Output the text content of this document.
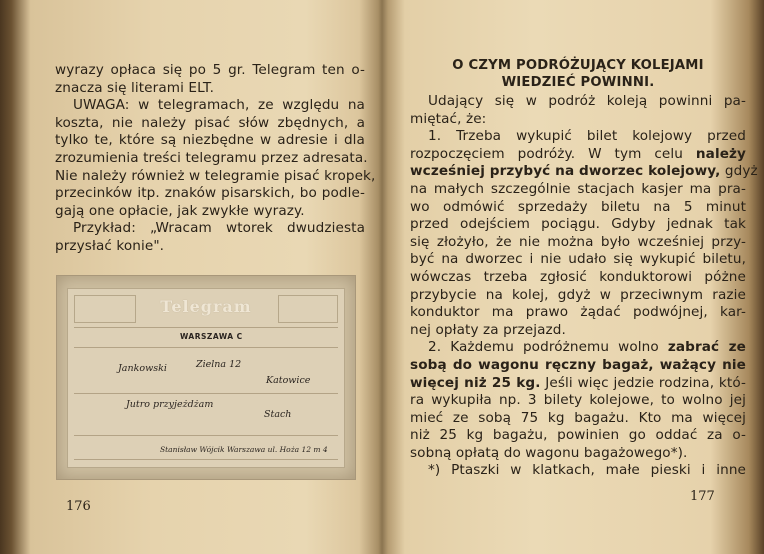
wyrazy opłaca się po 5 gr. Telegram ten o-
znacza się literami ELT.
UWAGA: w telegramach, ze względu na
koszta, nie należy pisać słów zbędnych, a
tylko te, które są niezbędne w adresie i dla
zrozumienia treści telegramu przez adresata.
Nie należy również w telegramie pisać kropek,
przecinków itp. znaków pisarskich, bo podle-
gają one opłacie, jak zwykłe wyrazy.
Przykład: „Wracam wtorek dwudziesta
przysłać konie".
Telegram
WARSZAWA C
Jankowski	Zielna 12
Katowice
Jutro przyjeżdżam
Stach
Stanisław Wójcik Warszawa ul. Hoża 12 m 4
176
O CZYM PODRÓŻUJĄCY KOLEJAMI
WIEDZIEĆ POWINNI.
Udający się w podróż koleją powinni pa-
miętać, że:
1. Trzeba wykupić bilet kolejowy przed
rozpoczęciem podróży. W tym celu należy
wcześniej przybyć na dworzec kolejowy, gdyż
na małych szczególnie stacjach kasjer ma pra-
wo odmówić sprzedaży biletu na 5 minut
przed odejściem pociągu. Gdyby jednak tak
się złożyło, że nie można było wcześniej przy-
być na dworzec i nie udało się wykupić biletu,
wówczas trzeba zgłosić konduktorowi póżne
przybycie na kolej, gdyż w przeciwnym razie
konduktor ma prawo żądać podwójnej, kar-
nej opłaty za przejazd.
2. Każdemu podróżnemu wolno zabrać ze
sobą do wagonu ręczny bagaż, ważący nie
więcej niż 25 kg. Jeśli więc jedzie rodzina, któ-
ra wykupiła np. 3 bilety kolejowe, to wolno jej
mieć ze sobą 75 kg bagażu. Kto ma więcej
niż 25 kg bagażu, powinien go oddać za o-
sobną opłatą do wagonu bagażowego*).
*) Ptaszki w klatkach, małe pieski i inne
177
